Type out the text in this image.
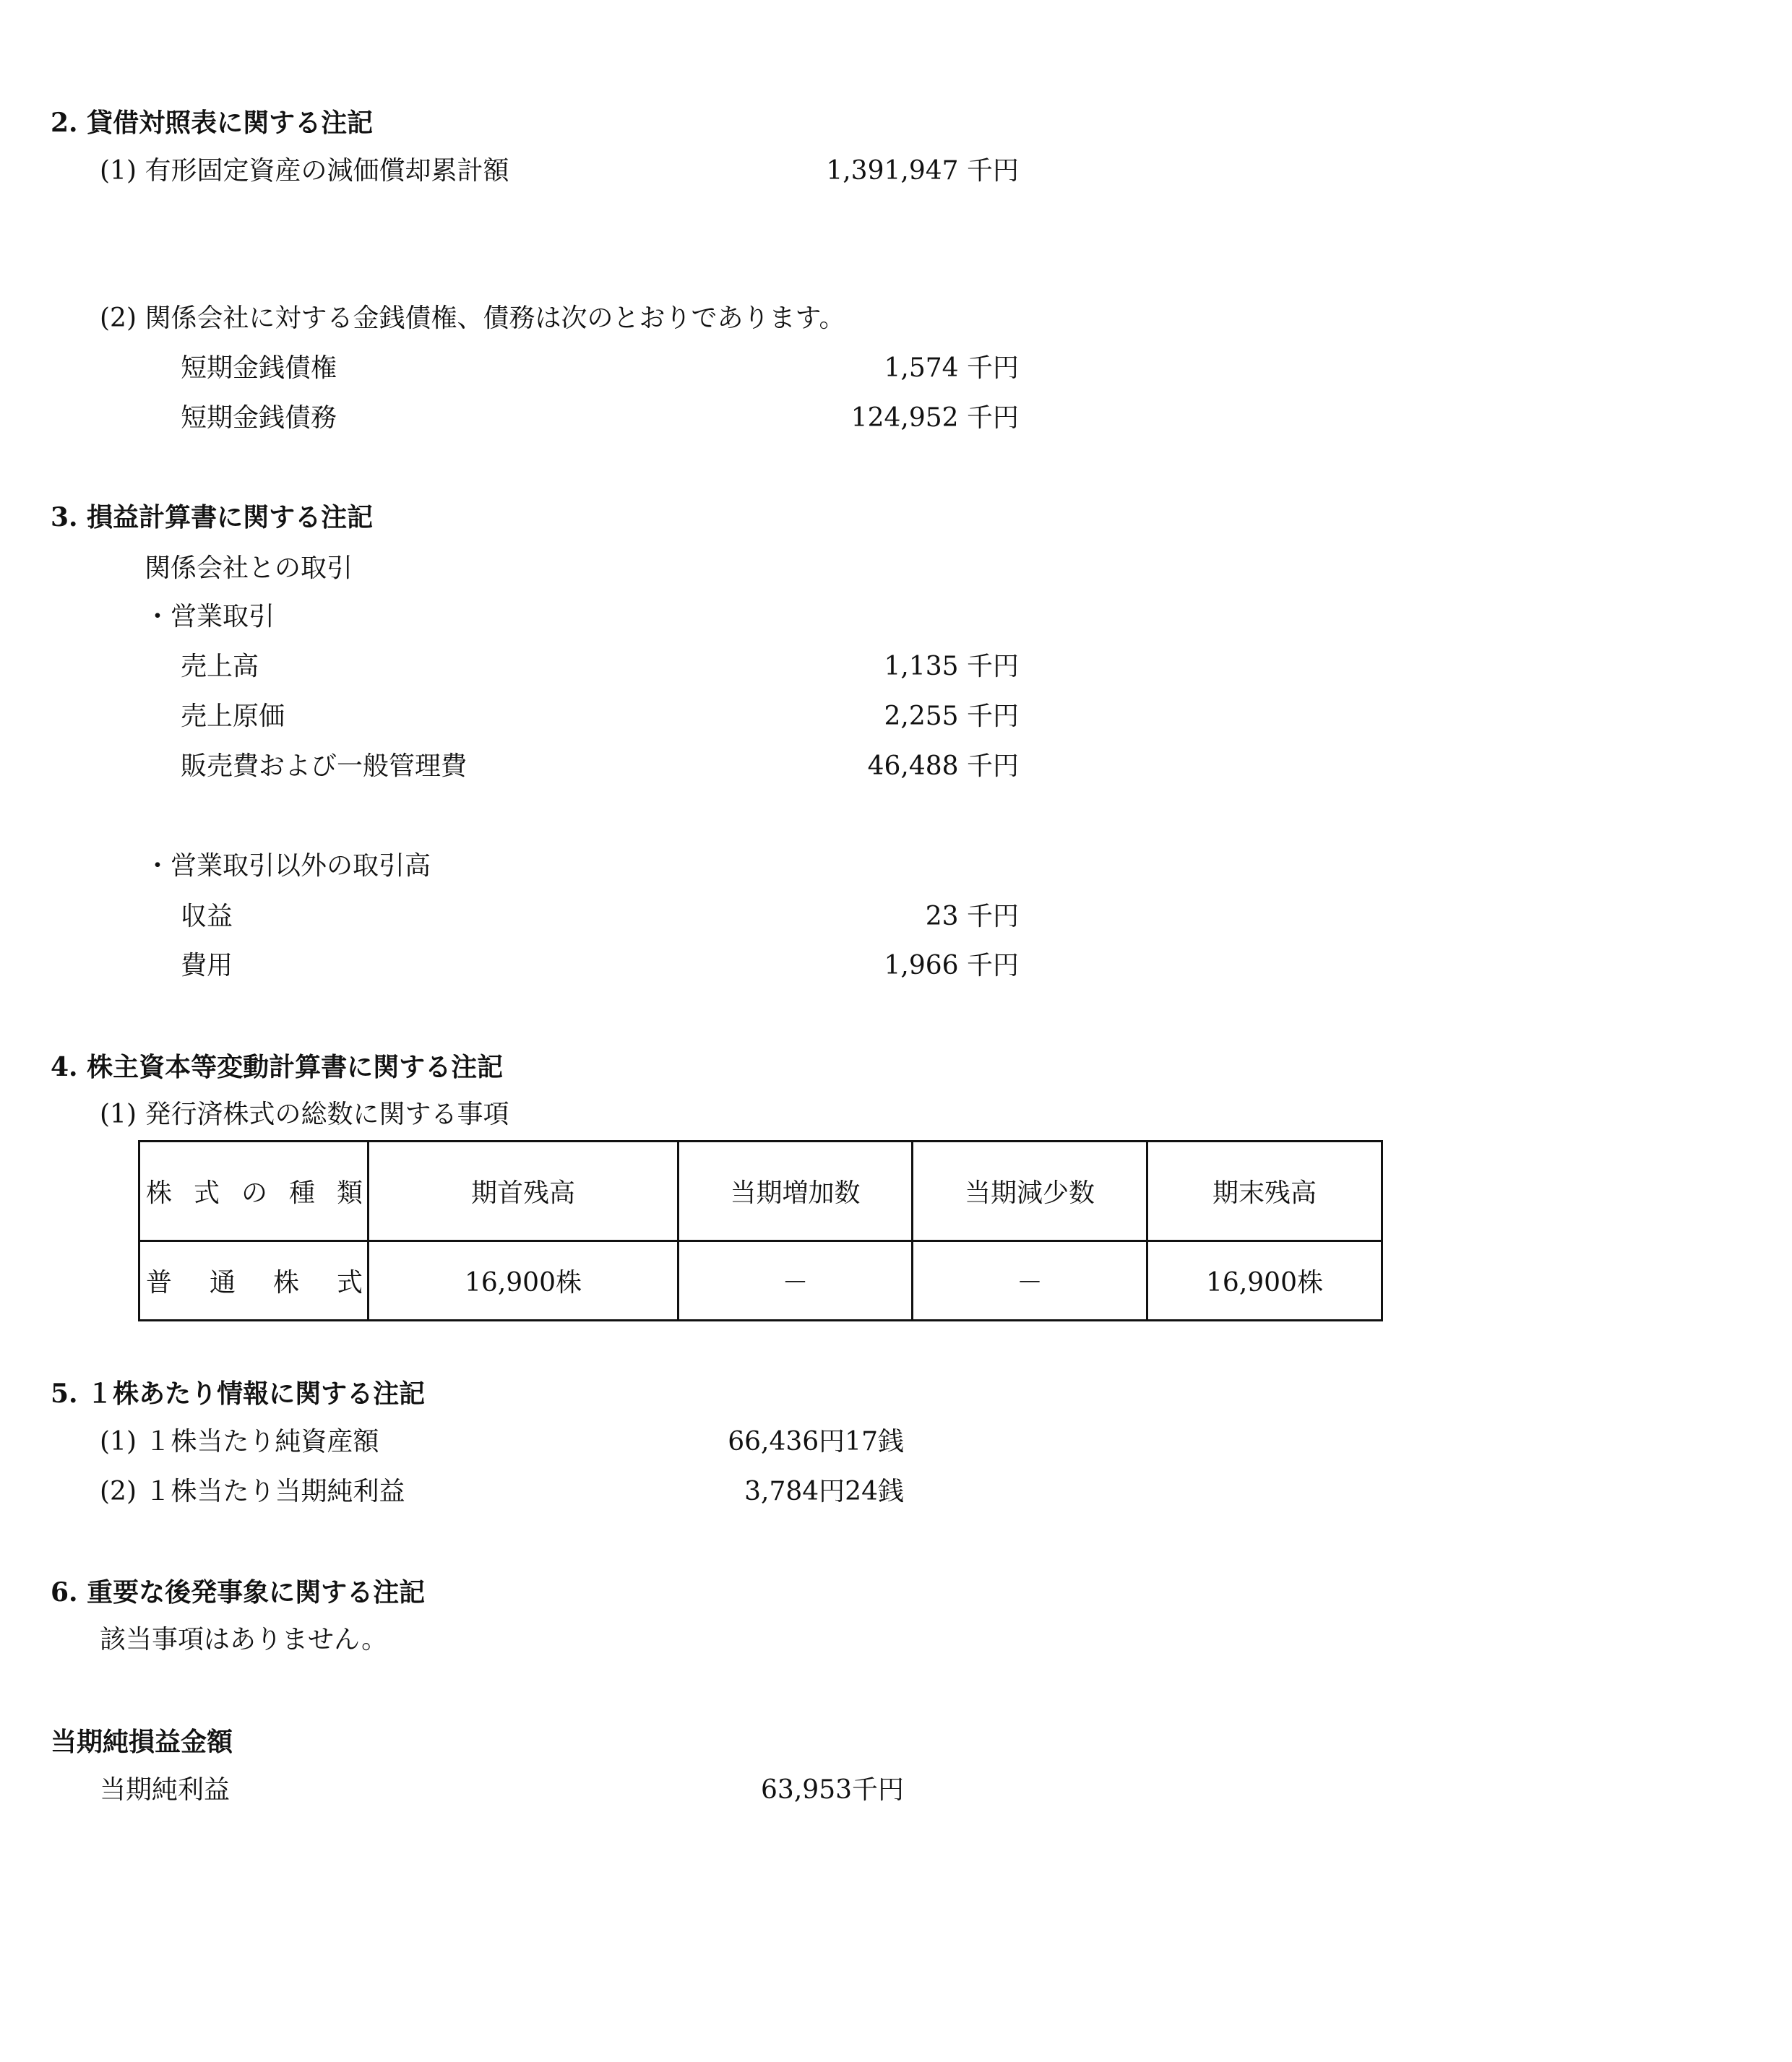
2. 貸借対照表に関する注記
(1) 有形固定資産の減価償却累計額	1,391,947 千円
(2) 関係会社に対する金銭債権、債務は次のとおりであります。
短期金銭債権	1,574 千円
短期金銭債務	124,952 千円
3. 損益計算書に関する注記
関係会社との取引
・営業取引
売上高	1,135 千円
売上原価	2,255 千円
販売費および一般管理費	46,488 千円
・営業取引以外の取引高
収益	23 千円
費用	1,966 千円
4. 株主資本等変動計算書に関する注記
(1) 発行済株式の総数に関する事項
株式の種類	期首残高	当期増加数	当期減少数	期末残高
普通株式	16,900株	－	－	16,900株
5. １株あたり情報に関する注記
(1) １株当たり純資産額	66,436円17銭
(2) １株当たり当期純利益	3,784円24銭
6. 重要な後発事象に関する注記
該当事項はありません。
当期純損益金額
当期純利益	63,953千円
